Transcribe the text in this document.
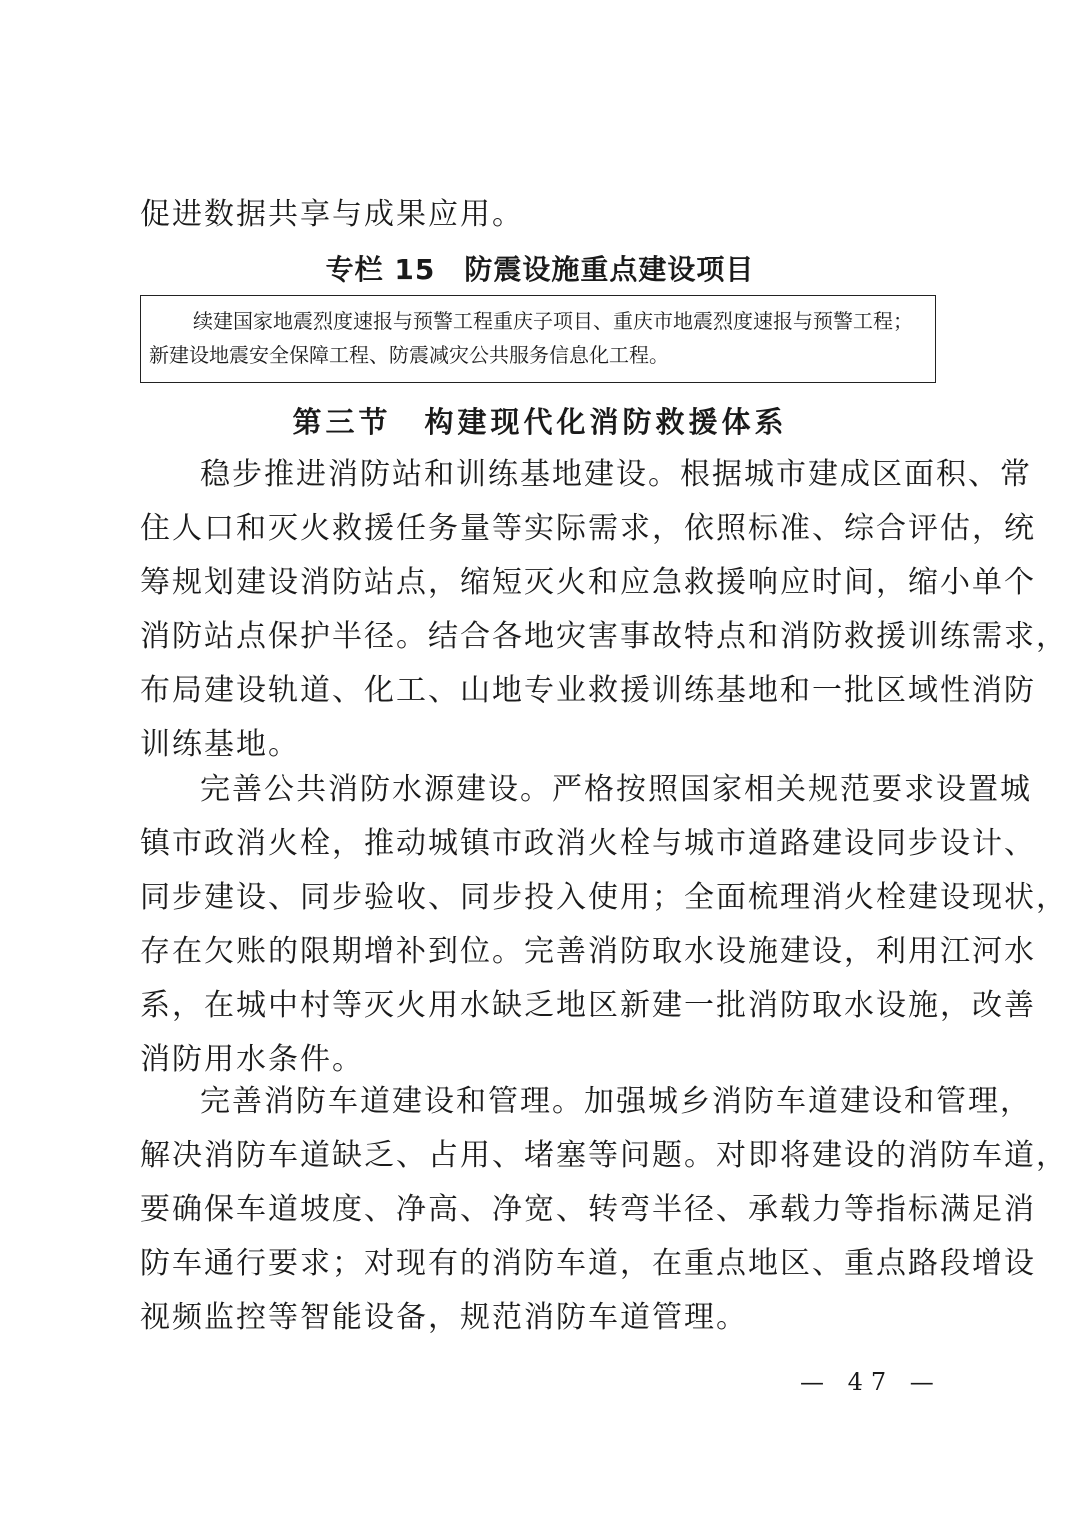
促进数据共享与成果应用。
专栏 15　防震设施重点建设项目
续建国家地震烈度速报与预警工程重庆子项目、重庆市地震烈度速报与预警工程；
新建设地震安全保障工程、防震减灾公共服务信息化工程。
第三节　构建现代化消防救援体系
稳步推进消防站和训练基地建设。根据城市建成区面积、常
住人口和灭火救援任务量等实际需求，依照标准、综合评估，统
筹规划建设消防站点，缩短灭火和应急救援响应时间，缩小单个
消防站点保护半径。结合各地灾害事故特点和消防救援训练需求，
布局建设轨道、化工、山地专业救援训练基地和一批区域性消防
训练基地。
完善公共消防水源建设。严格按照国家相关规范要求设置城
镇市政消火栓，推动城镇市政消火栓与城市道路建设同步设计、
同步建设、同步验收、同步投入使用；全面梳理消火栓建设现状，
存在欠账的限期增补到位。完善消防取水设施建设，利用江河水
系，在城中村等灭火用水缺乏地区新建一批消防取水设施，改善
消防用水条件。
完善消防车道建设和管理。加强城乡消防车道建设和管理，
解决消防车道缺乏、占用、堵塞等问题。对即将建设的消防车道，
要确保车道坡度、净高、净宽、转弯半径、承载力等指标满足消
防车通行要求；对现有的消防车道，在重点地区、重点路段增设
视频监控等智能设备，规范消防车道管理。
— 47 —
